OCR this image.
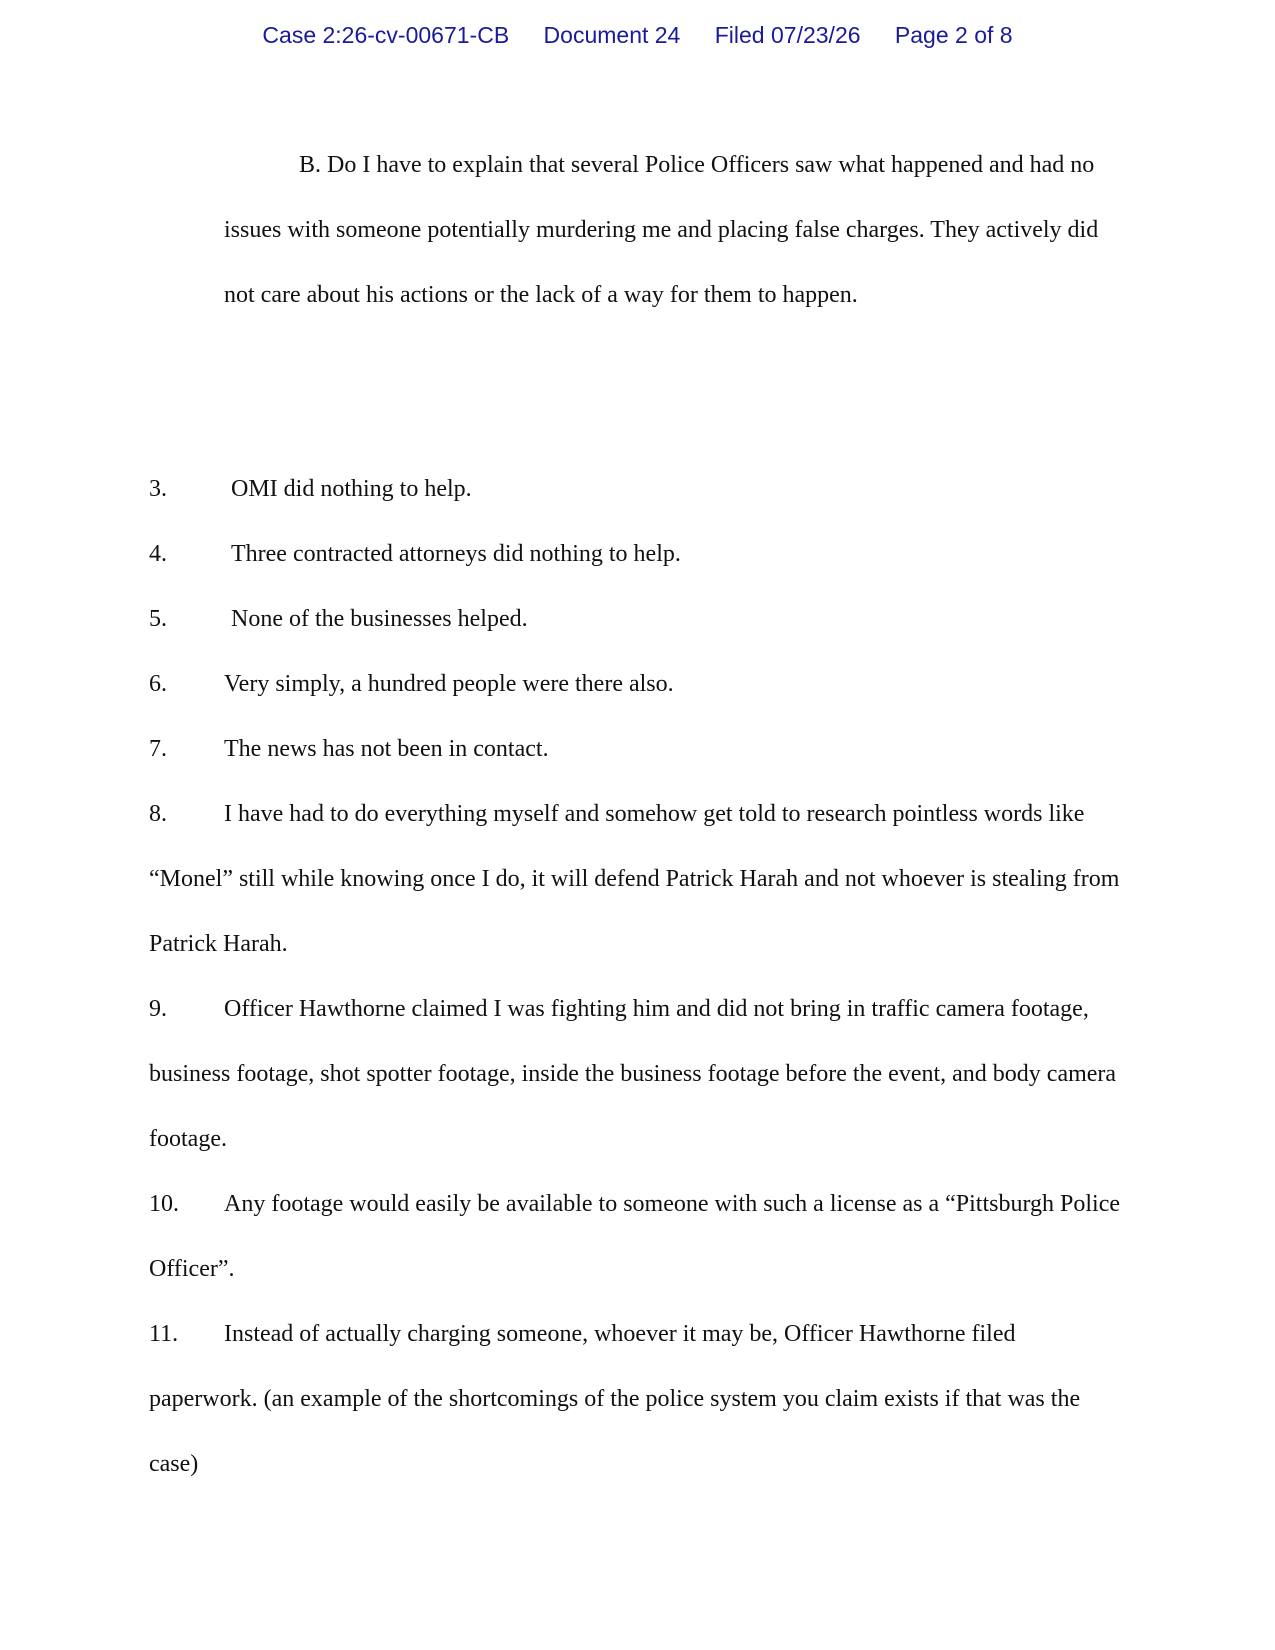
Case 2:26-cv-00671-CB Document 24 Filed 07/23/26 Page 2 of 8

B. Do I have to explain that several Police Officers saw what happened and had no issues with someone potentially murdering me and placing false charges. They actively did not care about his actions or the lack of a way for them to happen.

3.	OMI did nothing to help.

4.	Three contracted attorneys did nothing to help.

5.	None of the businesses helped.

6. Very simply, a hundred people were there also.

7. The news has not been in contact.

8. I have had to do everything myself and somehow get told to research pointless words like “Monel” still while knowing once I do, it will defend Patrick Harah and not whoever is stealing from Patrick Harah.

9. Officer Hawthorne claimed I was fighting him and did not bring in traffic camera footage, business footage, shot spotter footage, inside the business footage before the event, and body camera footage.

10. Any footage would easily be available to someone with such a license as a “Pittsburgh Police Officer”.

11. Instead of actually charging someone, whoever it may be, Officer Hawthorne filed paperwork. (an example of the shortcomings of the police system you claim exists if that was the case)
